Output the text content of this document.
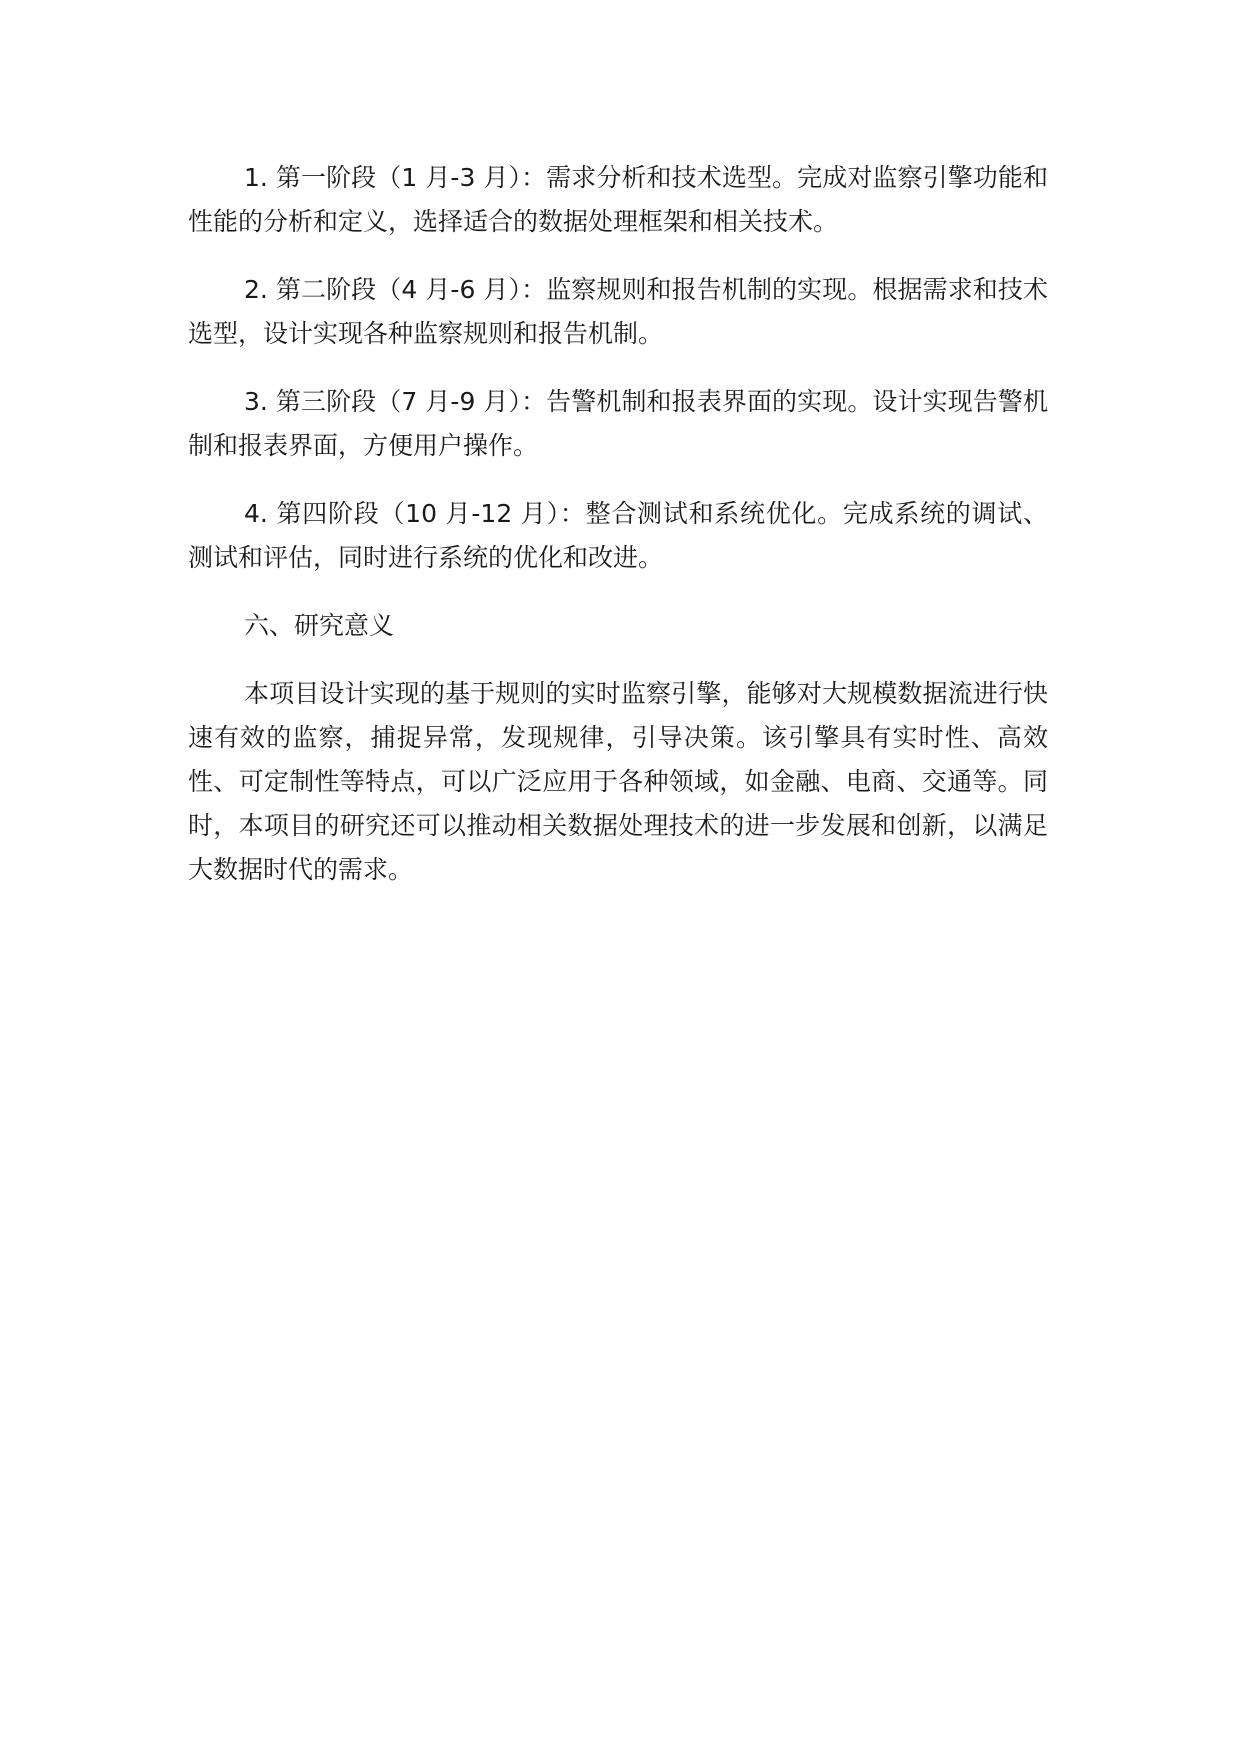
1. 第一阶段（1 月-3 月）：需求分析和技术选型。完成对监察引擎功能和性能的分析和定义，选择适合的数据处理框架和相关技术。

2. 第二阶段（4 月-6 月）：监察规则和报告机制的实现。根据需求和技术选型，设计实现各种监察规则和报告机制。

3. 第三阶段（7 月-9 月）：告警机制和报表界面的实现。设计实现告警机制和报表界面，方便用户操作。

4. 第四阶段（10 月-12 月）：整合测试和系统优化。完成系统的调试、测试和评估，同时进行系统的优化和改进。

六、研究意义

本项目设计实现的基于规则的实时监察引擎，能够对大规模数据流进行快速有效的监察，捕捉异常，发现规律，引导决策。该引擎具有实时性、高效性、可定制性等特点，可以广泛应用于各种领域，如金融、电商、交通等。同时，本项目的研究还可以推动相关数据处理技术的进一步发展和创新，以满足大数据时代的需求。
